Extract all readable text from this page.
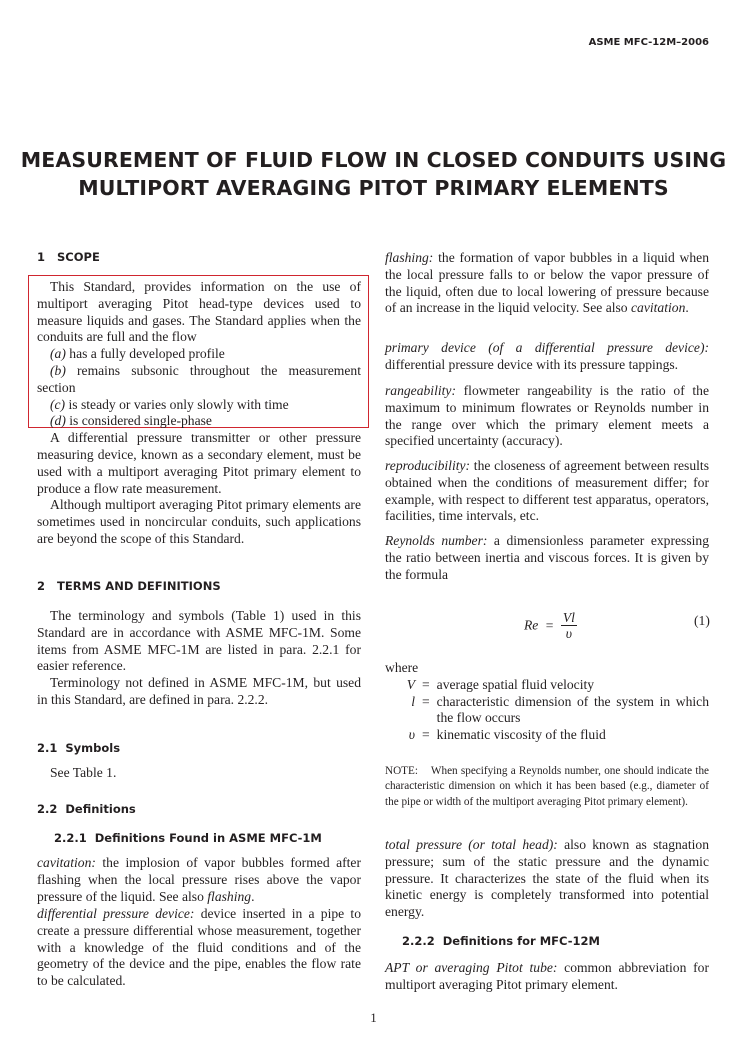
ASME MFC-12M–2006
MEASUREMENT OF FLUID FLOW IN CLOSED CONDUITS USING
MULTIPORT AVERAGING PITOT PRIMARY ELEMENTS
1   SCOPE

This Standard, provides information on the use of multiport averaging Pitot head-type devices used to measure liquids and gases. The Standard applies when the conduits are full and the flow

(a) has a fully developed profile

(b) remains subsonic throughout the measurement section

(c) is steady or varies only slowly with time

(d) is considered single-phase

A differential pressure transmitter or other pressure measuring device, known as a secondary element, must be used with a multiport averaging Pitot primary element to produce a flow rate measurement.

Although multiport averaging Pitot primary elements are sometimes used in noncircular conduits, such applications are beyond the scope of this Standard.

2   TERMS AND DEFINITIONS

The terminology and symbols (Table 1) used in this Standard are in accordance with ASME MFC-1M. Some items from ASME MFC-1M are listed in para. 2.2.1 for easier reference.

Terminology not defined in ASME MFC-1M, but used in this Standard, are defined in para. 2.2.2.

2.1  Symbols

See Table 1.

2.2  Definitions
2.2.1  Definitions Found in ASME MFC-1M

cavitation: the implosion of vapor bubbles formed after flashing when the local pressure rises above the vapor pressure of the liquid. See also flashing.

differential pressure device: device inserted in a pipe to create a pressure differential whose measurement, together with a knowledge of the fluid conditions and of the geometry of the device and the pipe, enables the flow rate to be calculated.

flashing: the formation of vapor bubbles in a liquid when the local pressure falls to or below the vapor pressure of the liquid, often due to local lowering of pressure because of an increase in the liquid velocity. See also cavitation.

primary device (of a differential pressure device): differential pressure device with its pressure tappings.

rangeability: flowmeter rangeability is the ratio of the maximum to minimum flowrates or Reynolds number in the range over which the primary element meets a specified uncertainty (accuracy).

reproducibility: the closeness of agreement between results obtained when the conditions of measurement differ; for example, with respect to different test apparatus, operators, facilities, time intervals, etc.

Reynolds number: a dimensionless parameter expressing the ratio between inertia and viscous forces. It is given by the formula

$Re = \frac{Vl}{\upsilon}$	(1)
where
V	=	average spatial fluid velocity
l	=	characteristic dimension of the system in which the flow occurs
υ	=	kinematic viscosity of the fluid
NOTE: When specifying a Reynolds number, one should indicate the characteristic dimension on which it has been based (e.g., diameter of the pipe or width of the multiport averaging Pitot primary element).

total pressure (or total head): also known as stagnation pressure; sum of the static pressure and the dynamic pressure. It characterizes the state of the fluid when its kinetic energy is completely transformed into potential energy.

2.2.2  Definitions for MFC-12M

APT or averaging Pitot tube: common abbreviation for multiport averaging Pitot primary element.

1
